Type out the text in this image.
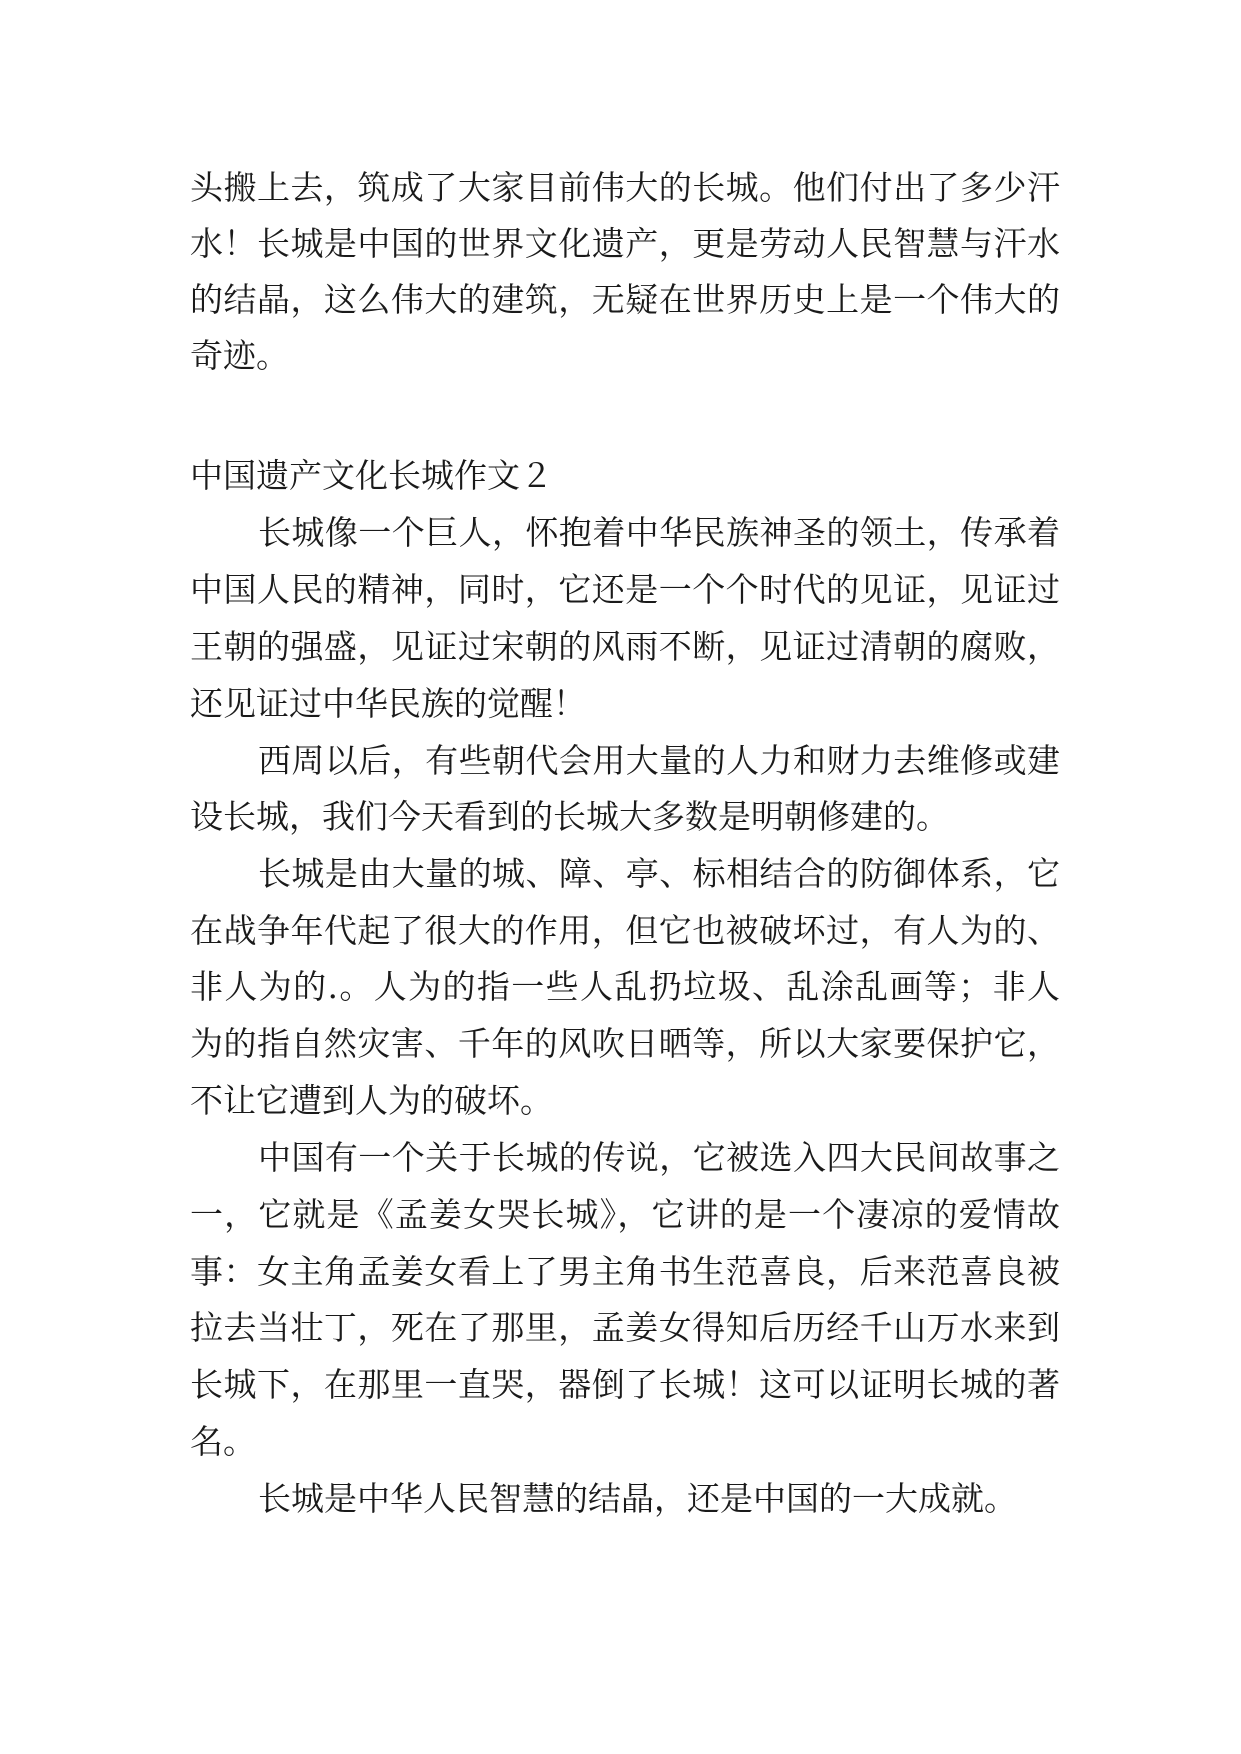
头搬上去，筑成了大家目前伟大的长城。他们付出了多少汗
水！长城是中国的世界文化遗产，更是劳动人民智慧与汗水
的结晶，这么伟大的建筑，无疑在世界历史上是一个伟大的
奇迹。
中国遗产文化长城作文２
长城像一个巨人，怀抱着中华民族神圣的领土，传承着
中国人民的精神，同时，它还是一个个时代的见证，见证过
王朝的强盛，见证过宋朝的风雨不断，见证过清朝的腐败，
还见证过中华民族的觉醒！
西周以后，有些朝代会用大量的人力和财力去维修或建
设长城，我们今天看到的长城大多数是明朝修建的。
长城是由大量的城、障、亭、标相结合的防御体系，它
在战争年代起了很大的作用，但它也被破坏过，有人为的、
非人为的.。人为的指一些人乱扔垃圾、乱涂乱画等；非人
为的指自然灾害、千年的风吹日晒等，所以大家要保护它，
不让它遭到人为的破坏。
中国有一个关于长城的传说，它被选入四大民间故事之
一，它就是《孟姜女哭长城》，它讲的是一个凄凉的爱情故
事：女主角孟姜女看上了男主角书生范喜良，后来范喜良被
拉去当壮丁，死在了那里，孟姜女得知后历经千山万水来到
长城下，在那里一直哭，器倒了长城！这可以证明长城的著
名。
长城是中华人民智慧的结晶，还是中国的一大成就。
